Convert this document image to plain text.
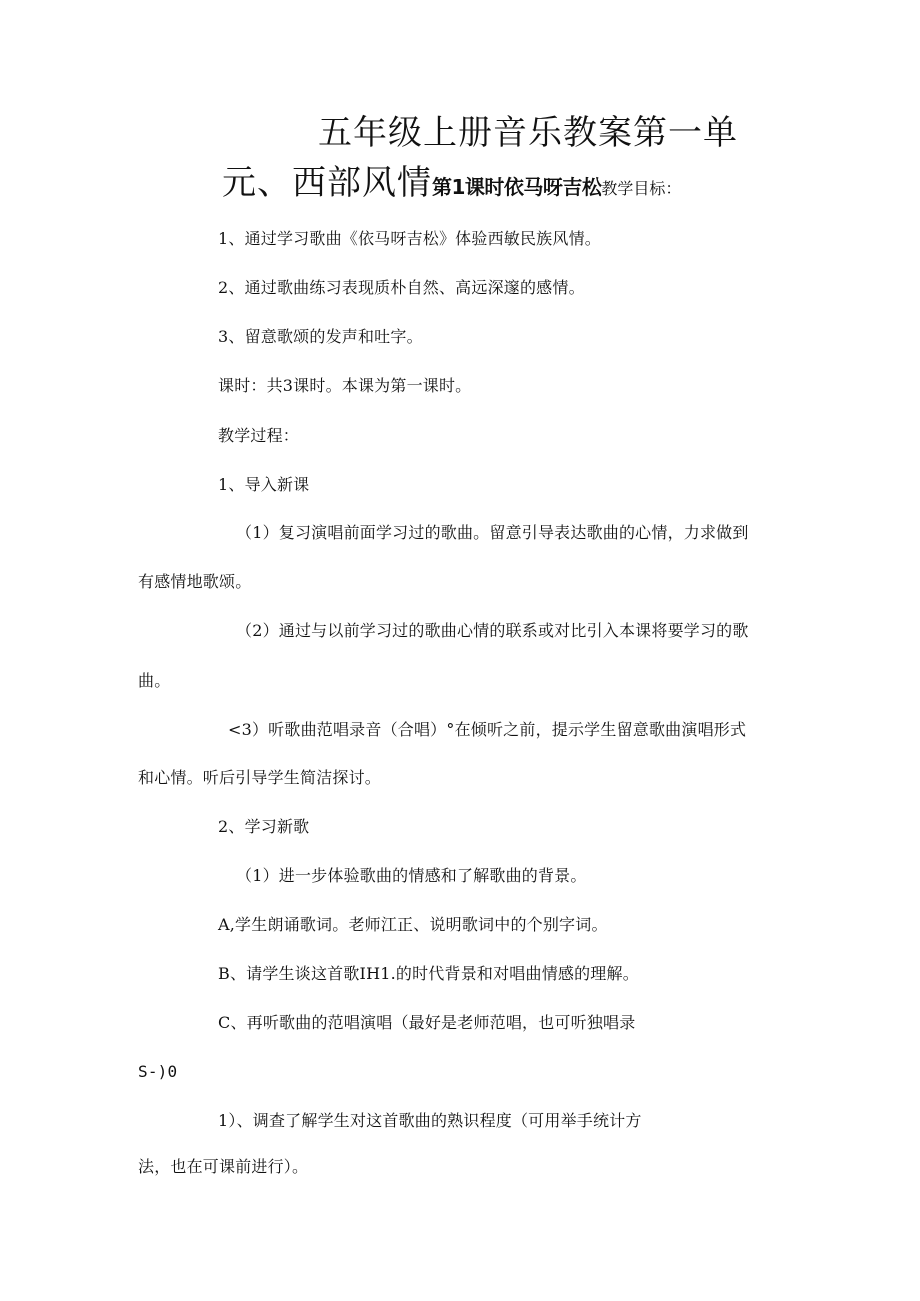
五年级上册音乐教案第一单
元、西部风情第1课时依马呀吉松教学目标：
1、通过学习歌曲《依马呀吉松》体验西敏民族风情。
2、通过歌曲练习表现质朴自然、高远深邃的感情。
3、留意歌颂的发声和吐字。
课时：共3课时。本课为第一课时。
教学过程：
1、导入新课
（1）复习演唱前面学习过的歌曲。留意引导表达歌曲的心情，力求做到
有感情地歌颂。
（2）通过与以前学习过的歌曲心情的联系或对比引入本课将要学习的歌
曲。
<3）听歌曲范唱录音（合唱）°在倾听之前，提示学生留意歌曲演唱形式
和心情。听后引导学生简洁探讨。
2、学习新歌
（1）进一步体验歌曲的情感和了解歌曲的背景。
A,学生朗诵歌词。老师江正、说明歌词中的个别字词。
B、请学生谈这首歌IH1.的时代背景和对唱曲情感的理解。
C、再听歌曲的范唱演唱（最好是老师范唱，也可听独唱录
S-)0
1）、调查了解学生对这首歌曲的熟识程度（可用举手统计方
法，也在可课前进行）。
